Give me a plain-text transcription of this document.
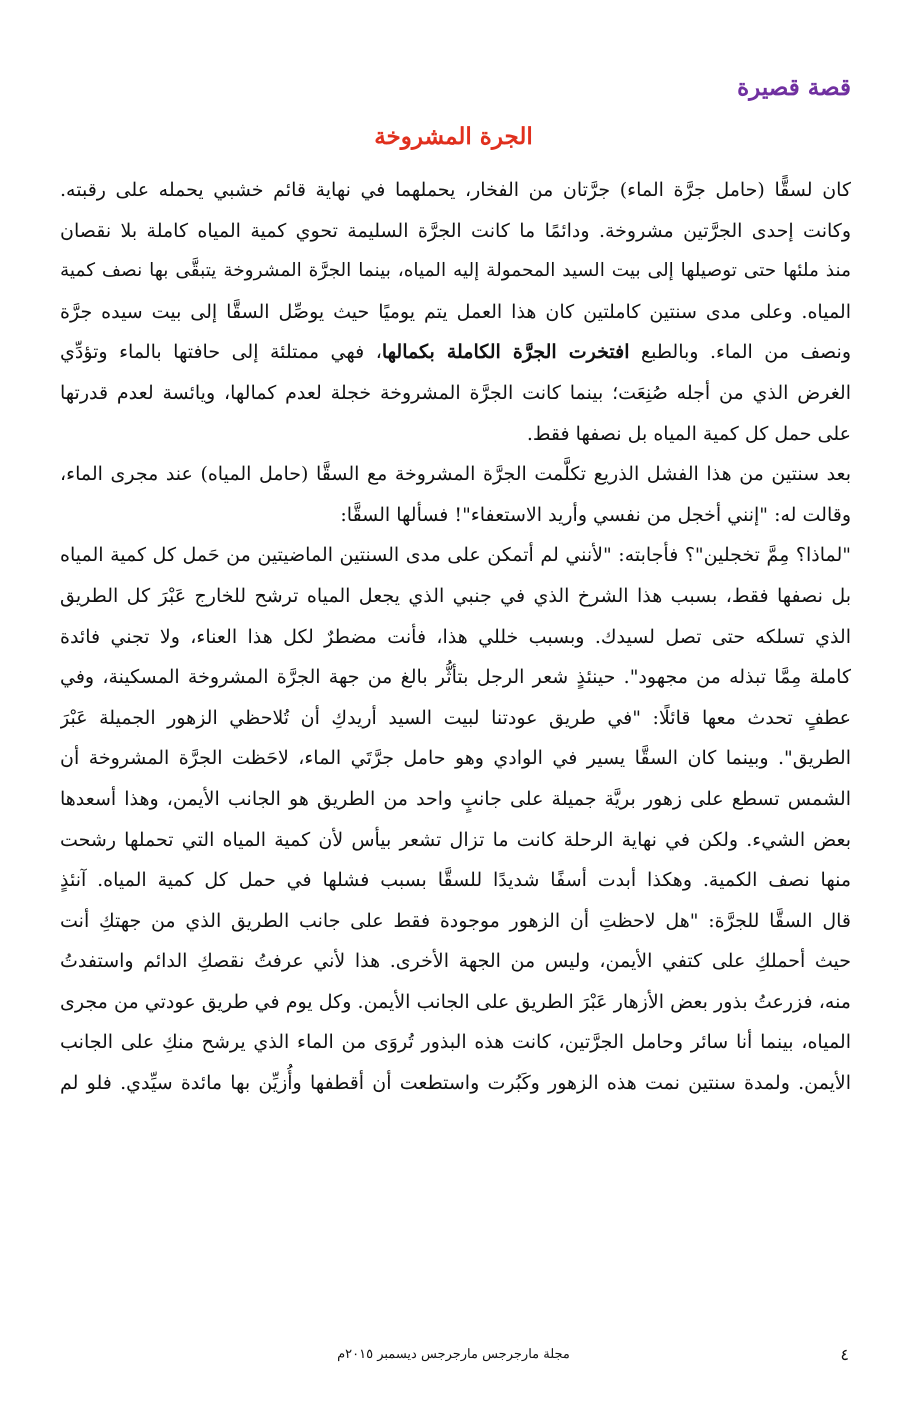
قصة قصيرة
الجرة المشروخة
كان لسقًّا (حامل جرَّة الماء) جرَّتان من الفخار، يحملهما في نهاية قائم خشبي يحمله على رقبته.
وكانت إحدى الجرَّتين مشروخة. ودائمًا ما كانت الجرَّة السليمة تحوي كمية المياه كاملة بلا نقصان
منذ ملئها حتى توصيلها إلى بيت السيد المحمولة إليه المياه، بينما الجرَّة المشروخة يتبقَّى بها نصف كمية
المياه. وعلى مدى سنتين كاملتين كان هذا العمل يتم يوميًا حيث يوصِّل السقَّا إلى بيت سيده جرَّة
ونصف من الماء. وبالطبع افتخرت الجرَّة الكاملة بكمالها، فهي ممتلئة إلى حافتها بالماء وتؤدِّي
الغرض الذي من أجله صُنِعَت؛ بينما كانت الجرَّة المشروخة خجلة لعدم كمالها، ويائسة لعدم قدرتها
على حمل كل كمية المياه بل نصفها فقط.
بعد سنتين من هذا الفشل الذريع تكلَّمت الجرَّة المشروخة مع السقَّا (حامل المياه) عند مجرى الماء،
وقالت له: "إنني أخجل من نفسي وأريد الاستعفاء"! فسألها السقَّا:
"لماذا؟ مِمَّ تخجلين"؟ فأجابته: "لأنني لم أتمكن على مدى السنتين الماضيتين من حَمل كل كمية المياه
بل نصفها فقط، بسبب هذا الشرخ الذي في جنبي الذي يجعل المياه ترشح للخارج عَبْرَ كل الطريق
الذي تسلكه حتى تصل لسيدك. وبسبب خللي هذا، فأنت مضطرٌ لكل هذا العناء، ولا تجني فائدة
كاملة مِمَّا تبذله من مجهود". حينئذٍ شعر الرجل بتأثُّر بالغ من جهة الجرَّة المشروخة المسكينة، وفي
عطفٍ تحدث معها قائلًا: "في طريق عودتنا لبيت السيد أريدكِ أن تُلاحظي الزهور الجميلة عَبْرَ
الطريق". وبينما كان السقَّا يسير في الوادي وهو حامل جرَّتَي الماء، لاحَظت الجرَّة المشروخة أن
الشمس تسطع على زهور بريَّة جميلة على جانبٍ واحد من الطريق هو الجانب الأيمن، وهذا أسعدها
بعض الشيء. ولكن في نهاية الرحلة كانت ما تزال تشعر بيأس لأن كمية المياه التي تحملها رشحت
منها نصف الكمية. وهكذا أبدت أسفًا شديدًا للسقَّا بسبب فشلها في حمل كل كمية المياه. آنئذٍ
قال السقَّا للجرَّة: "هل لاحظتِ أن الزهور موجودة فقط على جانب الطريق الذي من جهتكِ أنت
حيث أحملكِ على كتفي الأيمن، وليس من الجهة الأخرى. هذا لأني عرفتُ نقصكِ الدائم واستفدتُ
منه، فزرعتُ بذور بعض الأزهار عَبْرَ الطريق على الجانب الأيمن. وكل يوم في طريق عودتي من مجرى
المياه، بينما أنا سائر وحامل الجرَّتين، كانت هذه البذور تُروَى من الماء الذي يرشح منكِ على الجانب
الأيمن. ولمدة سنتين نمت هذه الزهور وكَبُرت واستطعت أن أقطفها وأُزيِّن بها مائدة سيِّدي. فلو لم
٤
مجلة مارجرجس مارجرجس ديسمبر ٢٠١٥م
